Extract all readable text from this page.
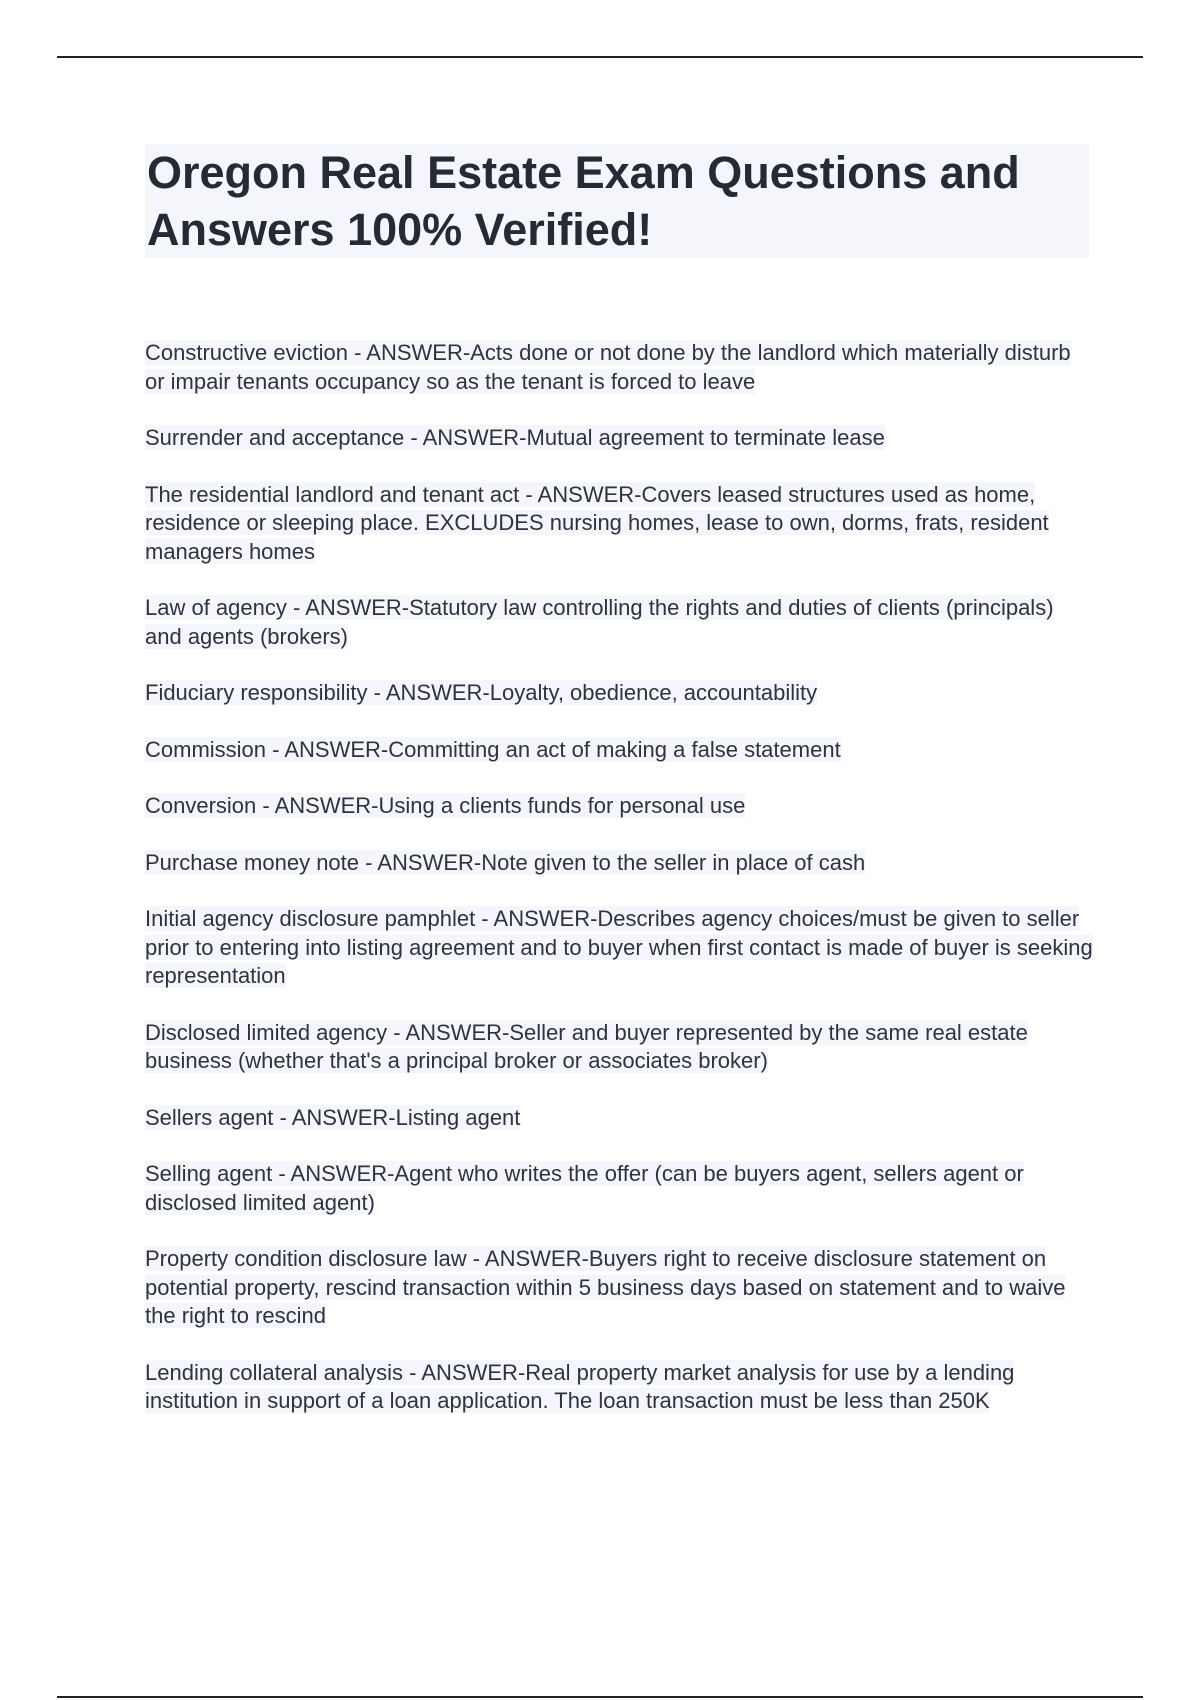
Oregon Real Estate Exam Questions and Answers 100% Verified!
Constructive eviction - ANSWER-Acts done or not done by the landlord which materially disturb or impair tenants occupancy so as the tenant is forced to leave
Surrender and acceptance - ANSWER-Mutual agreement to terminate lease
The residential landlord and tenant act - ANSWER-Covers leased structures used as home, residence or sleeping place. EXCLUDES nursing homes, lease to own, dorms, frats, resident managers homes
Law of agency - ANSWER-Statutory law controlling the rights and duties of clients (principals) and agents (brokers)
Fiduciary responsibility - ANSWER-Loyalty, obedience, accountability
Commission - ANSWER-Committing an act of making a false statement
Conversion - ANSWER-Using a clients funds for personal use
Purchase money note - ANSWER-Note given to the seller in place of cash
Initial agency disclosure pamphlet - ANSWER-Describes agency choices/must be given to seller prior to entering into listing agreement and to buyer when first contact is made of buyer is seeking representation
Disclosed limited agency - ANSWER-Seller and buyer represented by the same real estate business (whether that's a principal broker or associates broker)
Sellers agent - ANSWER-Listing agent
Selling agent - ANSWER-Agent who writes the offer (can be buyers agent, sellers agent or disclosed limited agent)
Property condition disclosure law - ANSWER-Buyers right to receive disclosure statement on potential property, rescind transaction within 5 business days based on statement and to waive the right to rescind
Lending collateral analysis - ANSWER-Real property market analysis for use by a lending institution in support of a loan application. The loan transaction must be less than 250K
